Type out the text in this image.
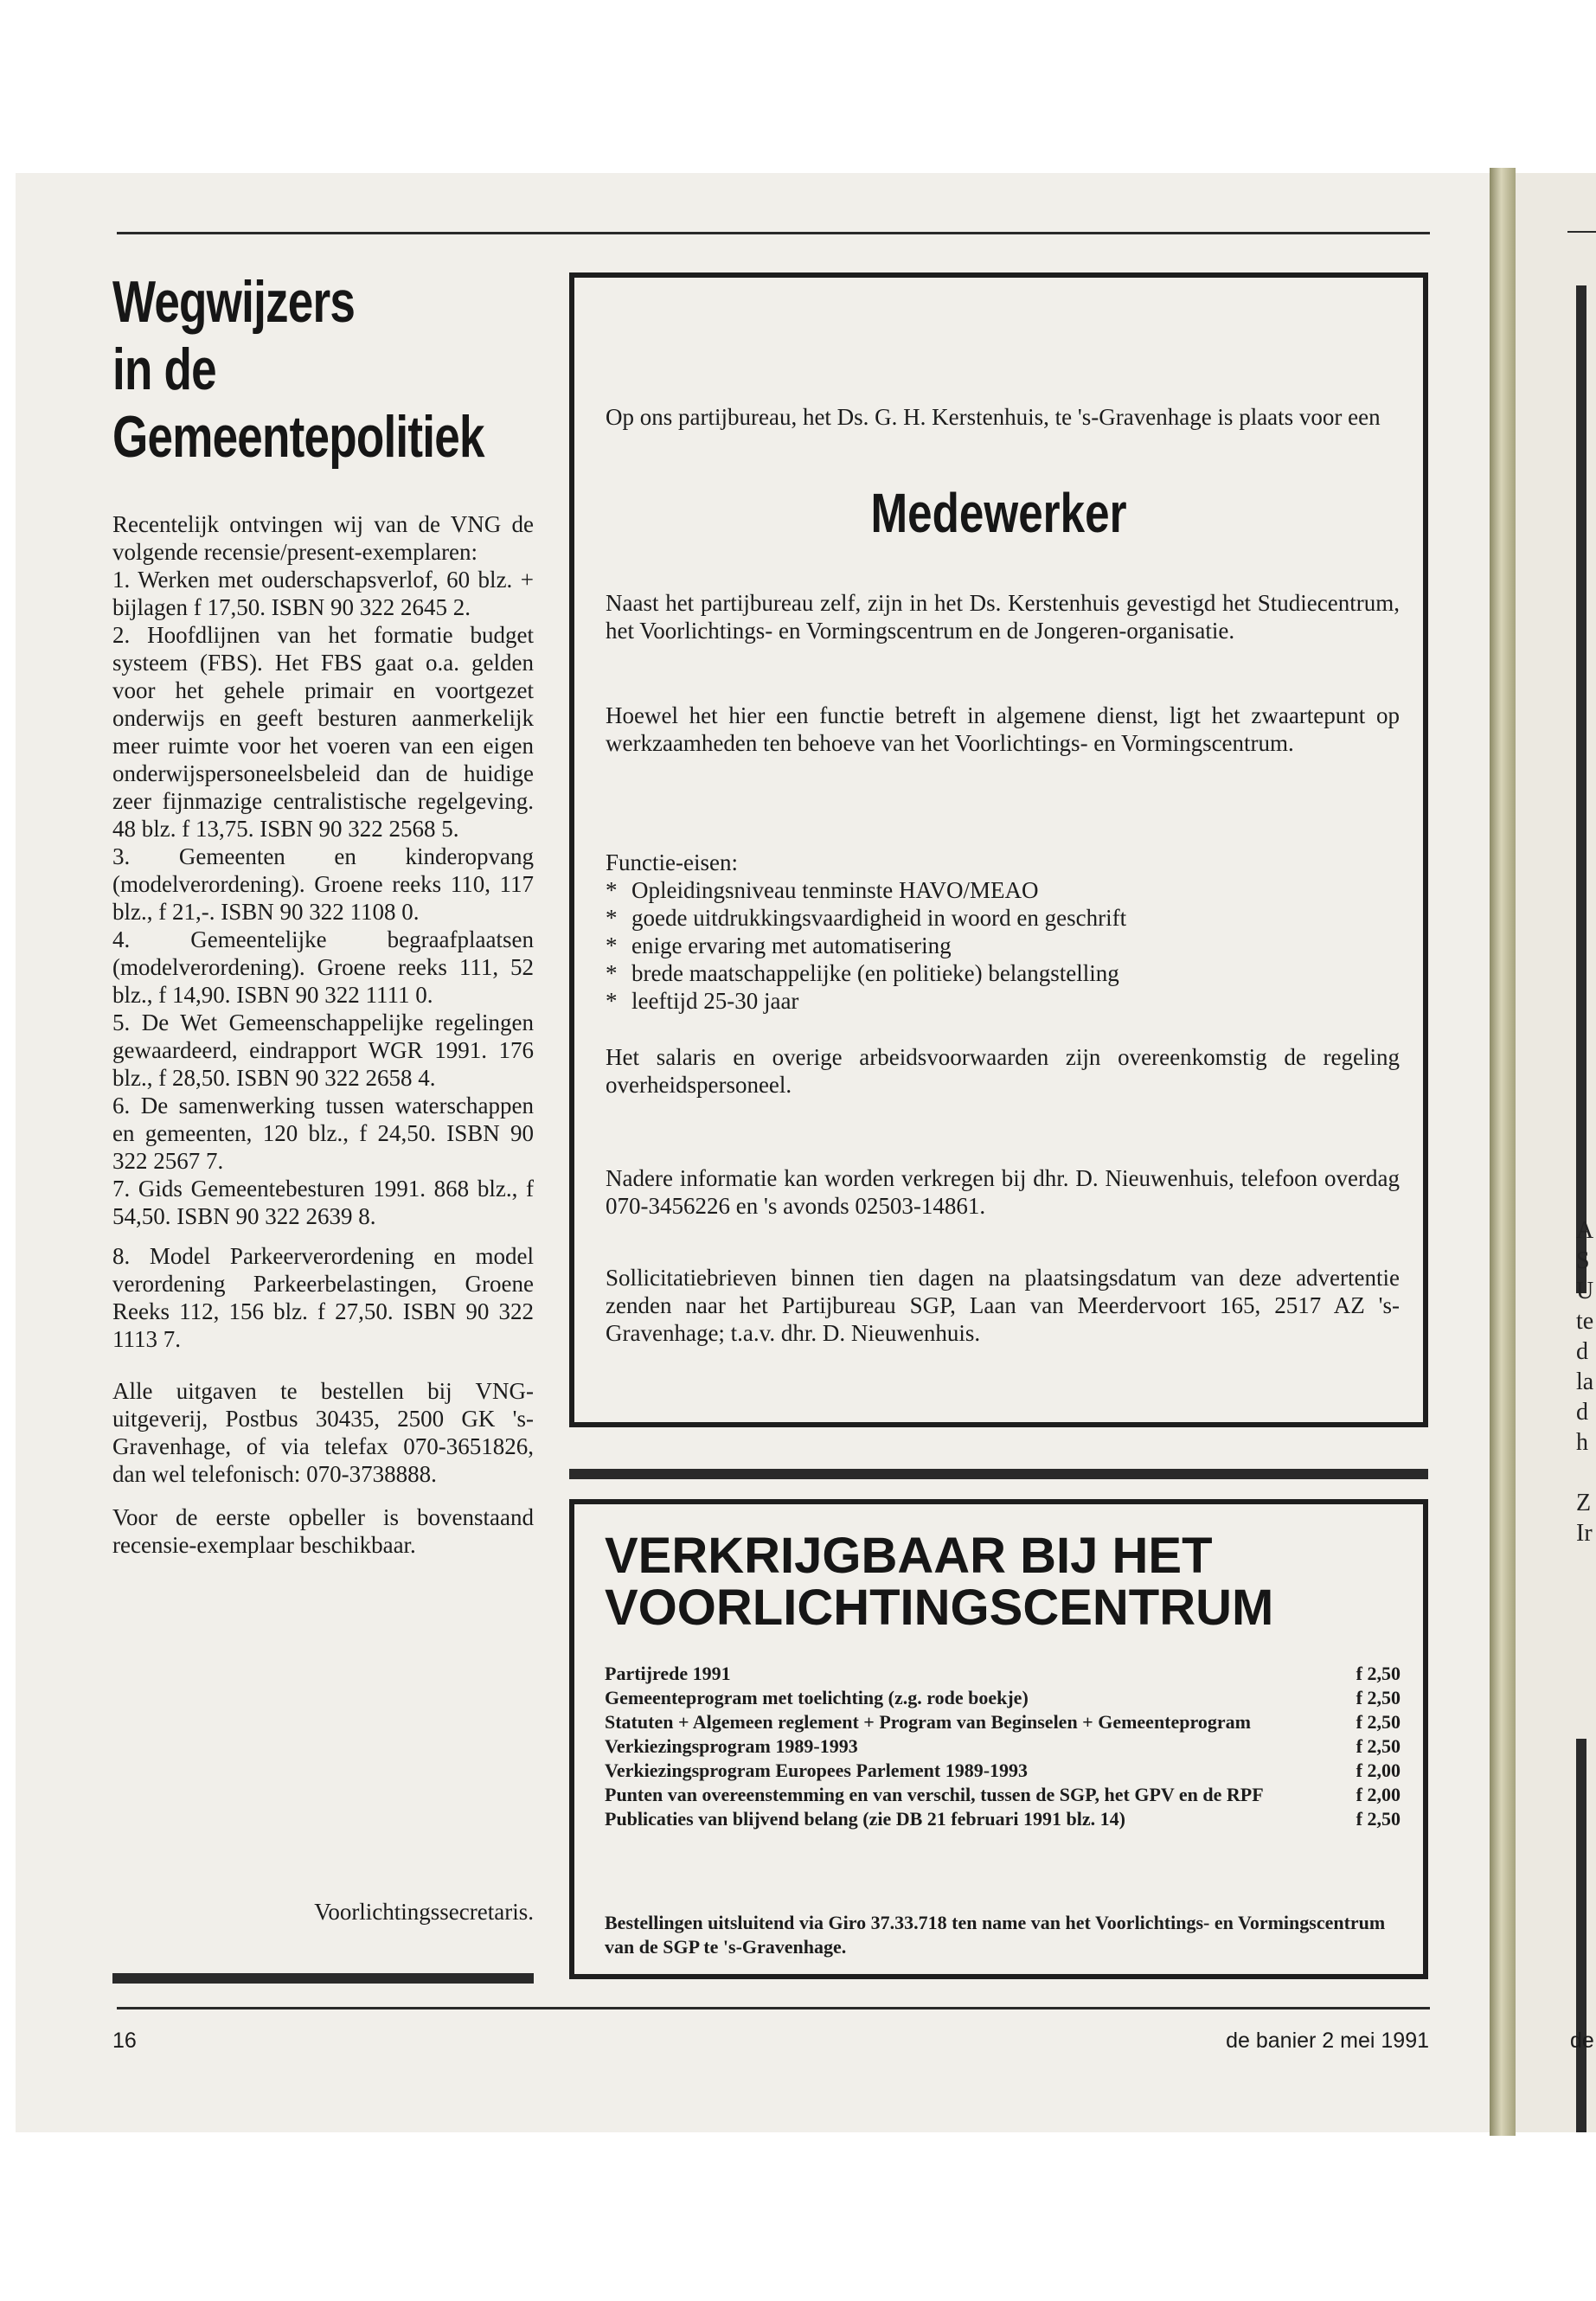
Wegwijzers
in de
Gemeentepolitiek

Recentelijk ontvingen wij van de VNG de volgende recensie/present-exemplaren:

1. Werken met ouderschapsverlof, 60 blz. + bijlagen f 17,50. ISBN 90 322 2645 2.

2. Hoofdlijnen van het formatie budget systeem (FBS). Het FBS gaat o.a. gelden voor het gehele primair en voortgezet onderwijs en geeft besturen aanmerkelijk meer ruimte voor het voeren van een eigen onderwijspersoneelsbeleid dan de huidige zeer fijnmazige centralistische regelgeving. 48 blz. f 13,75. ISBN 90 322 2568 5.

3. Gemeenten en kinderopvang (modelverordening). Groene reeks 110, 117 blz., f 21,-. ISBN 90 322 1108 0.

4. Gemeentelijke begraafplaatsen (modelverordening). Groene reeks 111, 52 blz., f 14,90. ISBN 90 322 1111 0.

5. De Wet Gemeenschappelijke regelingen gewaardeerd, eindrapport WGR 1991. 176 blz., f 28,50. ISBN 90 322 2658 4.

6. De samenwerking tussen waterschappen en gemeenten, 120 blz., f 24,50. ISBN 90 322 2567 7.

7. Gids Gemeentebesturen 1991. 868 blz., f 54,50. ISBN 90 322 2639 8.

8. Model Parkeerverordening en model verordening Parkeerbelastingen, Groene Reeks 112, 156 blz. f 27,50. ISBN 90 322 1113 7.

Alle uitgaven te bestellen bij VNG-uitgeverij, Postbus 30435, 2500 GK 's-Gravenhage, of via telefax 070-3651826, dan wel telefonisch: 070-3738888.

Voor de eerste opbeller is bovenstaand recensie-exemplaar beschikbaar.

Voorlichtingssecretaris.

Op ons partijbureau, het Ds. G. H. Kerstenhuis, te 's-Gravenhage is plaats voor een

Medewerker

Naast het partijbureau zelf, zijn in het Ds. Kerstenhuis gevestigd het Studiecentrum, het Voorlichtings- en Vormingscentrum en de Jongeren-organisatie.

Hoewel het hier een functie betreft in algemene dienst, ligt het zwaartepunt op werkzaamheden ten behoeve van het Voorlichtings- en Vormingscentrum.

Functie-eisen:
* Opleidingsniveau tenminste HAVO/MEAO
* goede uitdrukkingsvaardigheid in woord en geschrift
* enige ervaring met automatisering
* brede maatschappelijke (en politieke) belangstelling
* leeftijd 25-30 jaar

Het salaris en overige arbeidsvoorwaarden zijn overeenkomstig de regeling overheidspersoneel.

Nadere informatie kan worden verkregen bij dhr. D. Nieuwenhuis, telefoon overdag 070-3456226 en 's avonds 02503-14861.

Sollicitatiebrieven binnen tien dagen na plaatsingsdatum van deze advertentie zenden naar het Partijbureau SGP, Laan van Meerdervoort 165, 2517 AZ 's-Gravenhage; t.a.v. dhr. D. Nieuwenhuis.

VERKRIJGBAAR BIJ HET
VOORLICHTINGSCENTRUM
Partijrede 1991	f 2,50
Gemeenteprogram met toelichting (z.g. rode boekje)	f 2,50
Statuten + Algemeen reglement + Program van Beginselen + Gemeenteprogram	f 2,50
Verkiezingsprogram 1989-1993	f 2,50
Verkiezingsprogram Europees Parlement 1989-1993	f 2,00
Punten van overeenstemming en van verschil, tussen de SGP, het GPV en de RPF	f 2,00
Publicaties van blijvend belang (zie DB 21 februari 1991 blz. 14)	f 2,50

Bestellingen uitsluitend via Giro 37.33.718 ten name van het Voorlichtings- en Vormingscentrum van de SGP te 's-Gravenhage.

16	de banier 2 mei 1991	de
A
S
U
te
d
la
d
h
Z
Ir
